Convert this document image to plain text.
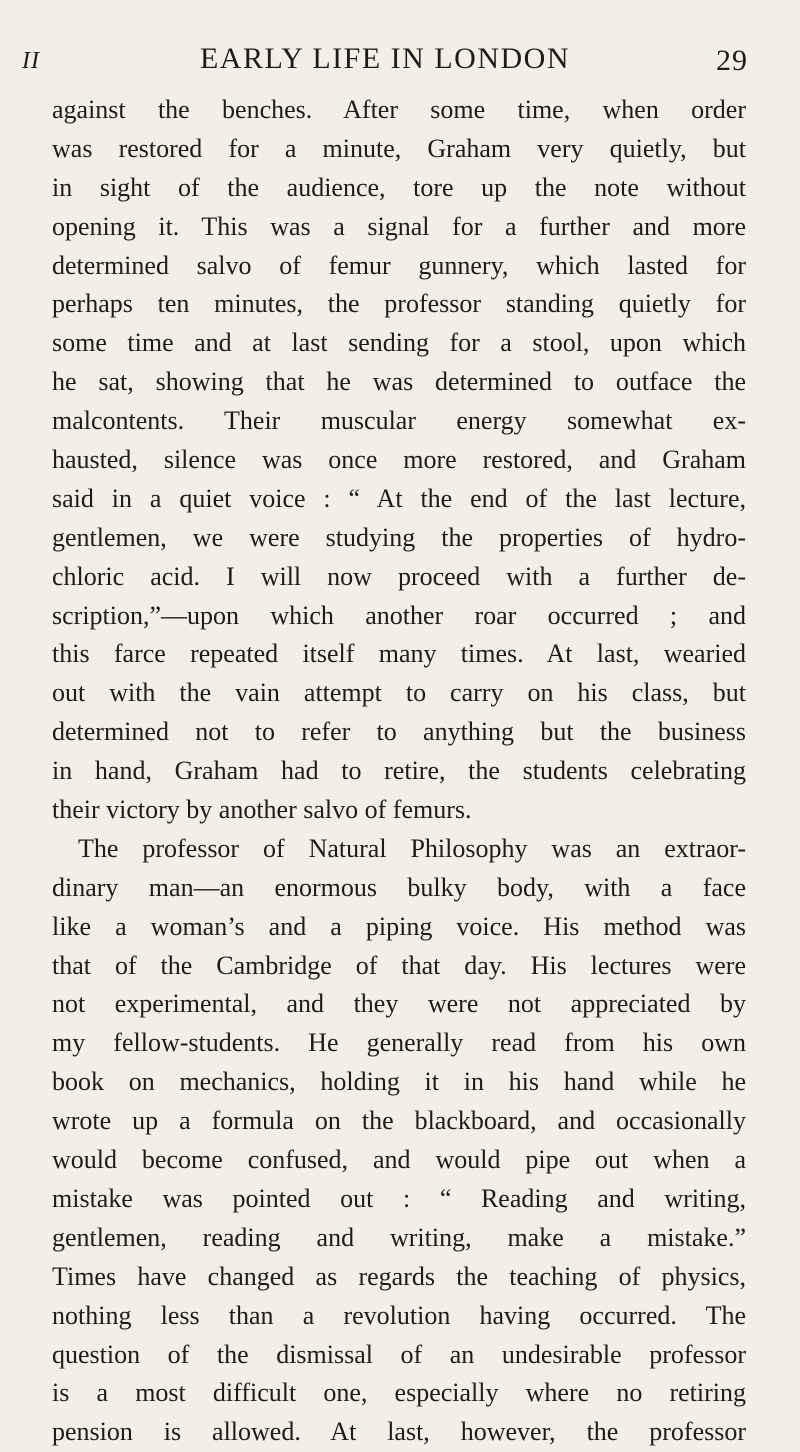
II	EARLY LIFE IN LONDON	29
against the benches. After some time, when order
was restored for a minute, Graham very quietly, but
in sight of the audience, tore up the note without
opening it. This was a signal for a further and more
determined salvo of femur gunnery, which lasted for
perhaps ten minutes, the professor standing quietly for
some time and at last sending for a stool, upon which
he sat, showing that he was determined to outface the
malcontents. Their muscular energy somewhat ex-
hausted, silence was once more restored, and Graham
said in a quiet voice : “ At the end of the last lecture,
gentlemen, we were studying the properties of hydro-
chloric acid. I will now proceed with a further de-
scription,”—upon which another roar occurred ; and
this farce repeated itself many times. At last, wearied
out with the vain attempt to carry on his class, but
determined not to refer to anything but the business
in hand, Graham had to retire, the students celebrating
their victory by another salvo of femurs.
The professor of Natural Philosophy was an extraor-
dinary man—an enormous bulky body, with a face
like a woman’s and a piping voice. His method was
that of the Cambridge of that day. His lectures were
not experimental, and they were not appreciated by
my fellow-students. He generally read from his own
book on mechanics, holding it in his hand while he
wrote up a formula on the blackboard, and occasionally
would become confused, and would pipe out when a
mistake was pointed out : “ Reading and writing,
gentlemen, reading and writing, make a mistake.”
Times have changed as regards the teaching of physics,
nothing less than a revolution having occurred. The
question of the dismissal of an undesirable professor
is a most difficult one, especially where no retiring
pension is allowed. At last, however, the professor
